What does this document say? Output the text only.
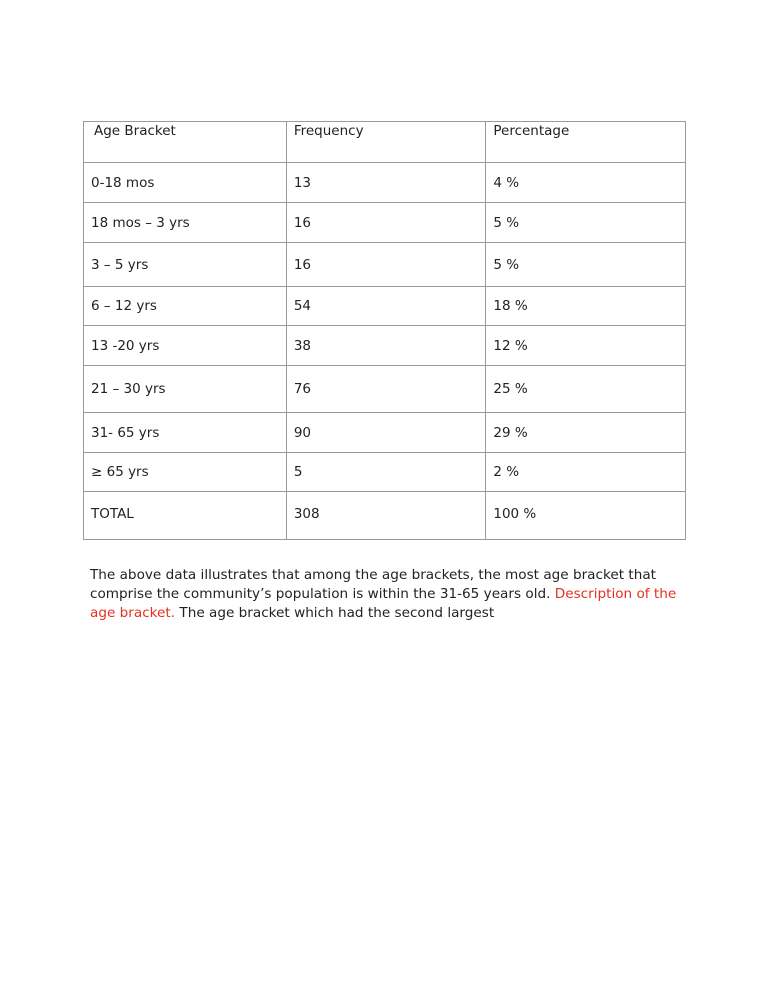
Age Bracket	Frequency	Percentage
0-18 mos	13	4 %
18 mos – 3 yrs	16	5 %
3 – 5 yrs	16	5 %
6 – 12 yrs	54	18 %
13 -20 yrs	38	12 %
21 – 30 yrs	76	25 %
31- 65 yrs	90	29 %
≥ 65 yrs	5	2 %
TOTAL	308	100 %

The above data illustrates that among the age brackets, the most age bracket that comprise the community’s population is within the 31-65 years old. Description of the age bracket. The age bracket which had the second largest
